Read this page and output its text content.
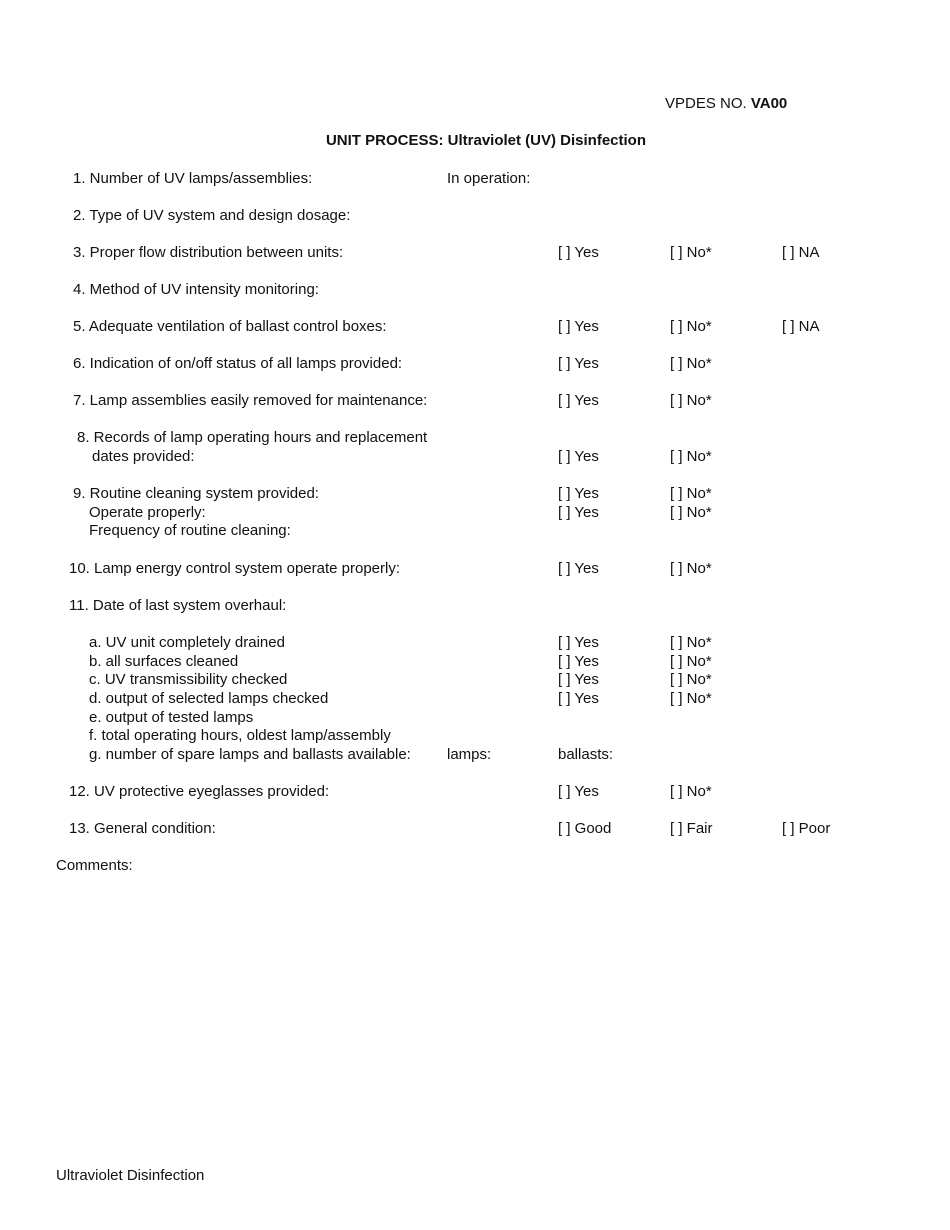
VPDES NO. VA00
UNIT PROCESS: Ultraviolet (UV) Disinfection
1. Number of UV lamps/assemblies:	In operation:
2. Type of UV system and design dosage:
3. Proper flow distribution between units:	[ ] Yes	[ ] No*	[ ] NA
4. Method of UV intensity monitoring:
5. Adequate ventilation of ballast control boxes:	[ ] Yes	[ ] No*	[ ] NA
6. Indication of on/off status of all lamps provided:	[ ] Yes	[ ] No*
7. Lamp assemblies easily removed for maintenance:	[ ] Yes	[ ] No*
8. Records of lamp operating hours and replacement
dates provided:	[ ] Yes	[ ] No*
9. Routine cleaning system provided:	[ ] Yes	[ ] No*
Operate properly:	[ ] Yes	[ ] No*
Frequency of routine cleaning:
10. Lamp energy control system operate properly:	[ ] Yes	[ ] No*
11. Date of last system overhaul:
a. UV unit completely drained	[ ] Yes	[ ] No*
b. all surfaces cleaned	[ ] Yes	[ ] No*
c. UV transmissibility checked	[ ] Yes	[ ] No*
d. output of selected lamps checked	[ ] Yes	[ ] No*
e. output of tested lamps
f. total operating hours, oldest lamp/assembly
g. number of spare lamps and ballasts available: lamps:	ballasts:
12. UV protective eyeglasses provided:	[ ] Yes	[ ] No*
13. General condition:	[ ] Good	[ ] Fair	[ ] Poor
Comments:
Ultraviolet Disinfection
